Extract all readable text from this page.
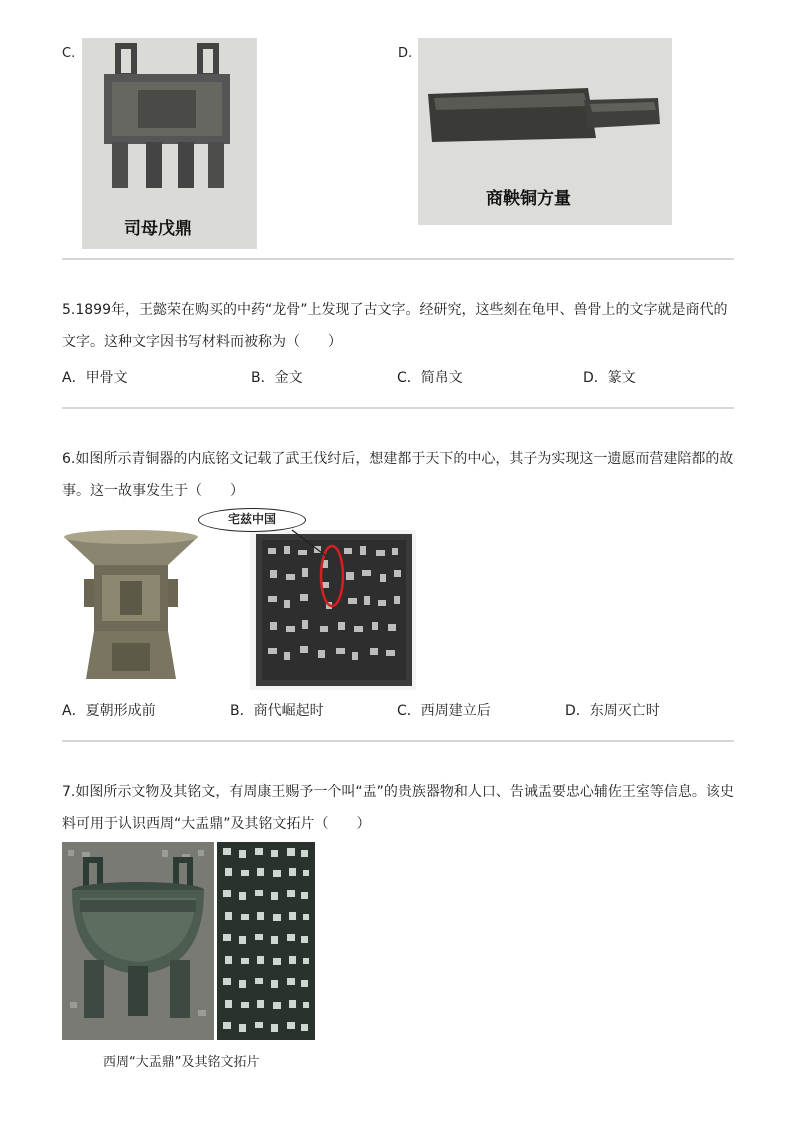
C.
司母戊鼎
D.
商鞅铜方量
5.1899年，王懿荣在购买的中药“龙骨”上发现了古文字。经研究，这些刻在龟甲、兽骨上的文字就是商代的文字。这种文字因书写材料而被称为（　　）
A．甲骨文	B．金文	C．简帛文	D．篆文
6.如图所示青铜器的内底铭文记载了武王伐纣后，想建都于天下的中心，其子为实现这一遗愿而营建陪都的故事。这一故事发生于（　　）
宅兹中国
A．夏朝形成前	B．商代崛起时	C．西周建立后	D．东周灭亡时
7.如图所示文物及其铭文，有周康王赐予一个叫“盂”的贵族器物和人口、告诫盂要忠心辅佐王室等信息。该史料可用于认识西周“大盂鼎”及其铭文拓片（　　）
西周“大盂鼎”及其铭文拓片
